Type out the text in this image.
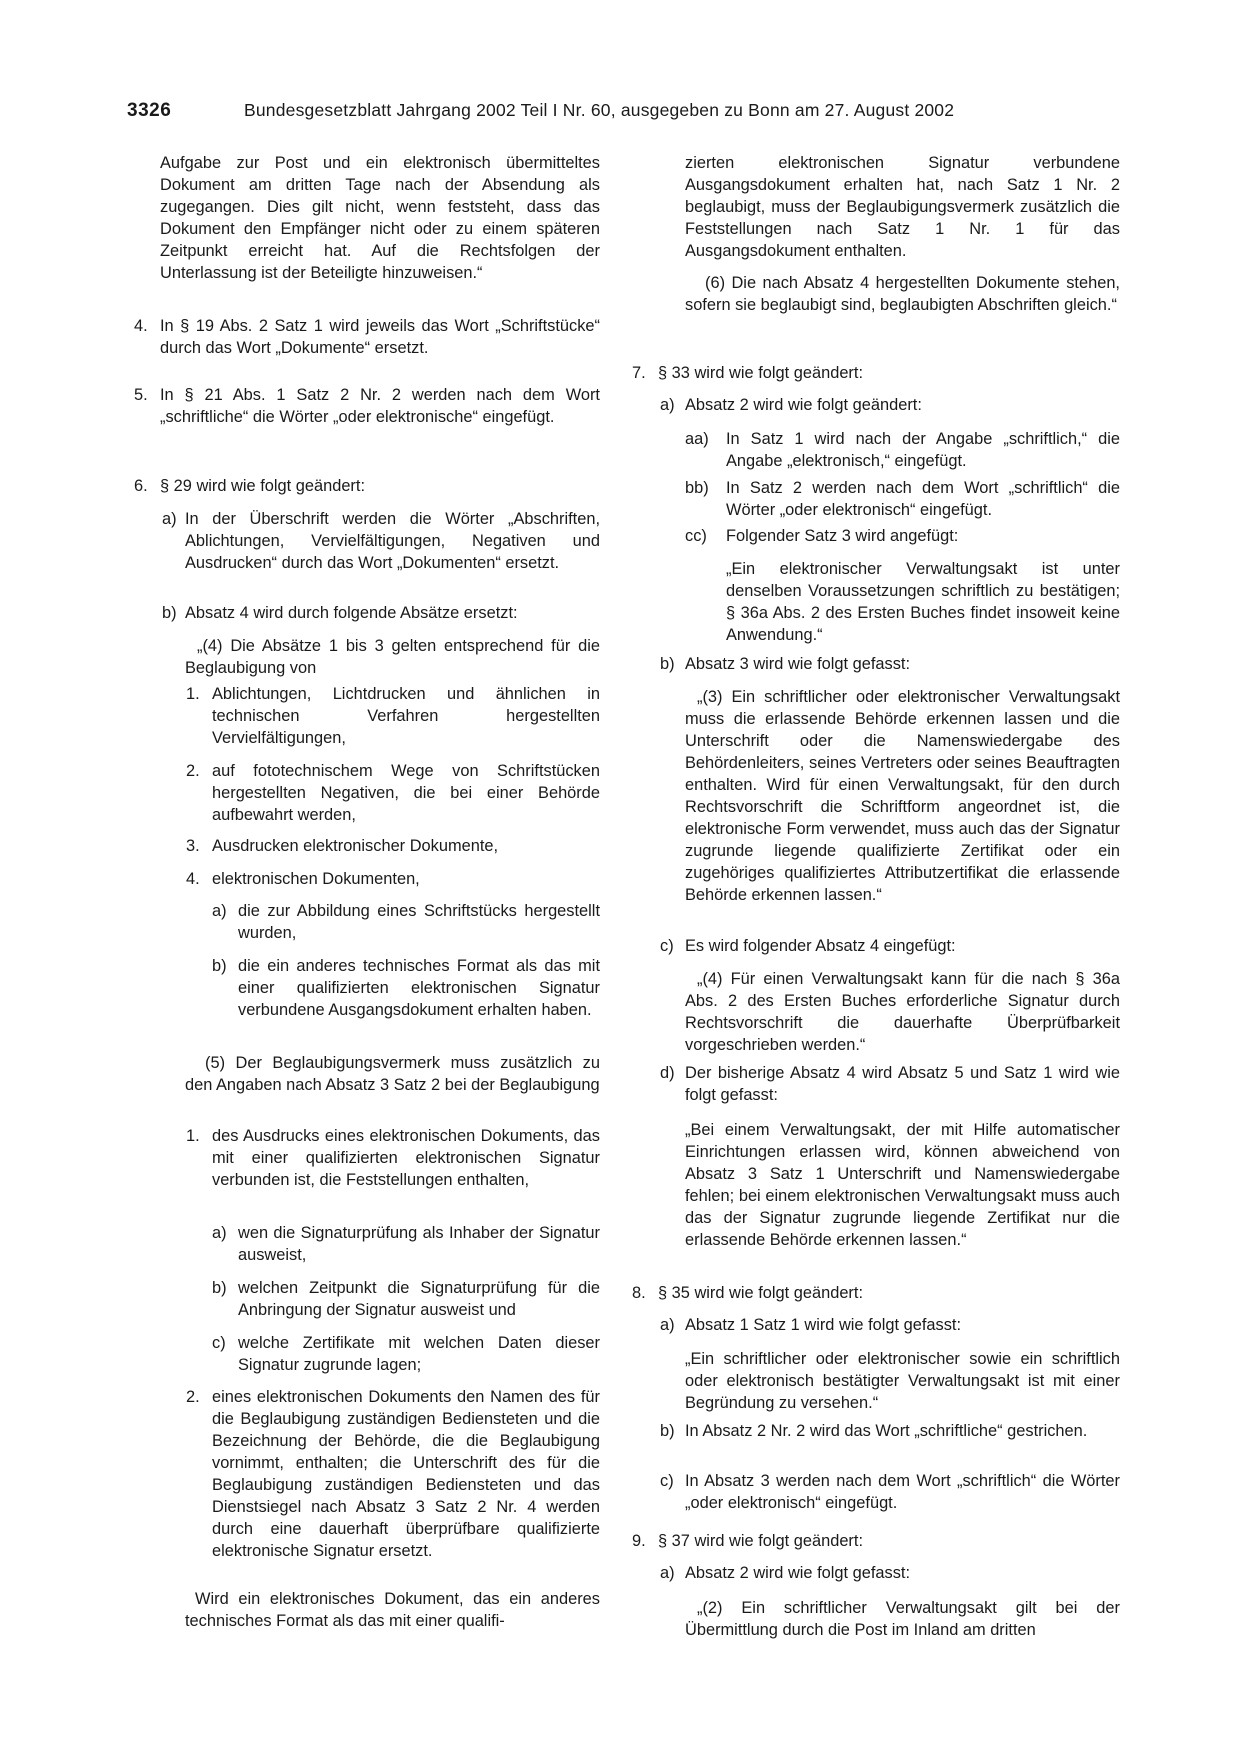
3326	Bundesgesetzblatt Jahrgang 2002 Teil I Nr. 60, ausgegeben zu Bonn am 27. August 2002
Aufgabe zur Post und ein elektronisch übermitteltes Dokument am dritten Tage nach der Absendung als zugegangen. Dies gilt nicht, wenn feststeht, dass das Dokument den Empfänger nicht oder zu einem späteren Zeitpunkt erreicht hat. Auf die Rechtsfolgen der Unterlassung ist der Beteiligte hinzuweisen.“
4. In § 19 Abs. 2 Satz 1 wird jeweils das Wort „Schriftstücke“ durch das Wort „Dokumente“ ersetzt.
5. In § 21 Abs. 1 Satz 2 Nr. 2 werden nach dem Wort „schriftliche“ die Wörter „oder elektronische“ eingefügt.
6. § 29 wird wie folgt geändert:
a) In der Überschrift werden die Wörter „Abschriften, Ablichtungen, Vervielfältigungen, Negativen und Ausdrucken“ durch das Wort „Dokumenten“ ersetzt.
b) Absatz 4 wird durch folgende Absätze ersetzt:
„(4) Die Absätze 1 bis 3 gelten entsprechend für die Beglaubigung von
1. Ablichtungen, Lichtdrucken und ähnlichen in technischen Verfahren hergestellten Vervielfältigungen,
2. auf fototechnischem Wege von Schriftstücken hergestellten Negativen, die bei einer Behörde aufbewahrt werden,
3. Ausdrucken elektronischer Dokumente,
4. elektronischen Dokumenten,
a) die zur Abbildung eines Schriftstücks hergestellt wurden,
b) die ein anderes technisches Format als das mit einer qualifizierten elektronischen Signatur verbundene Ausgangsdokument erhalten haben.
(5) Der Beglaubigungsvermerk muss zusätzlich zu den Angaben nach Absatz 3 Satz 2 bei der Beglaubigung
1. des Ausdrucks eines elektronischen Dokuments, das mit einer qualifizierten elektronischen Signatur verbunden ist, die Feststellungen enthalten,
a) wen die Signaturprüfung als Inhaber der Signatur ausweist,
b) welchen Zeitpunkt die Signaturprüfung für die Anbringung der Signatur ausweist und
c) welche Zertifikate mit welchen Daten dieser Signatur zugrunde lagen;
2. eines elektronischen Dokuments den Namen des für die Beglaubigung zuständigen Bediensteten und die Bezeichnung der Behörde, die die Beglaubigung vornimmt, enthalten; die Unterschrift des für die Beglaubigung zuständigen Bediensteten und das Dienstsiegel nach Absatz 3 Satz 2 Nr. 4 werden durch eine dauerhaft überprüfbare qualifizierte elektronische Signatur ersetzt.
Wird ein elektronisches Dokument, das ein anderes technisches Format als das mit einer qualifi-
zierten elektronischen Signatur verbundene Ausgangsdokument erhalten hat, nach Satz 1 Nr. 2 beglaubigt, muss der Beglaubigungsvermerk zusätzlich die Feststellungen nach Satz 1 Nr. 1 für das Ausgangsdokument enthalten.
(6) Die nach Absatz 4 hergestellten Dokumente stehen, sofern sie beglaubigt sind, beglaubigten Abschriften gleich.“
7. § 33 wird wie folgt geändert:
a) Absatz 2 wird wie folgt geändert:
aa) In Satz 1 wird nach der Angabe „schriftlich,“ die Angabe „elektronisch,“ eingefügt.
bb) In Satz 2 werden nach dem Wort „schriftlich“ die Wörter „oder elektronisch“ eingefügt.
cc) Folgender Satz 3 wird angefügt:
„Ein elektronischer Verwaltungsakt ist unter denselben Voraussetzungen schriftlich zu bestätigen; § 36a Abs. 2 des Ersten Buches findet insoweit keine Anwendung.“
b) Absatz 3 wird wie folgt gefasst:
„(3) Ein schriftlicher oder elektronischer Verwaltungsakt muss die erlassende Behörde erkennen lassen und die Unterschrift oder die Namenswiedergabe des Behördenleiters, seines Vertreters oder seines Beauftragten enthalten. Wird für einen Verwaltungsakt, für den durch Rechtsvorschrift die Schriftform angeordnet ist, die elektronische Form verwendet, muss auch das der Signatur zugrunde liegende qualifizierte Zertifikat oder ein zugehöriges qualifiziertes Attributzertifikat die erlassende Behörde erkennen lassen.“
c) Es wird folgender Absatz 4 eingefügt:
„(4) Für einen Verwaltungsakt kann für die nach § 36a Abs. 2 des Ersten Buches erforderliche Signatur durch Rechtsvorschrift die dauerhafte Überprüfbarkeit vorgeschrieben werden.“
d) Der bisherige Absatz 4 wird Absatz 5 und Satz 1 wird wie folgt gefasst:
„Bei einem Verwaltungsakt, der mit Hilfe automatischer Einrichtungen erlassen wird, können abweichend von Absatz 3 Satz 1 Unterschrift und Namenswiedergabe fehlen; bei einem elektronischen Verwaltungsakt muss auch das der Signatur zugrunde liegende Zertifikat nur die erlassende Behörde erkennen lassen.“
8. § 35 wird wie folgt geändert:
a) Absatz 1 Satz 1 wird wie folgt gefasst:
„Ein schriftlicher oder elektronischer sowie ein schriftlich oder elektronisch bestätigter Verwaltungsakt ist mit einer Begründung zu versehen.“
b) In Absatz 2 Nr. 2 wird das Wort „schriftliche“ gestrichen.
c) In Absatz 3 werden nach dem Wort „schriftlich“ die Wörter „oder elektronisch“ eingefügt.
9. § 37 wird wie folgt geändert:
a) Absatz 2 wird wie folgt gefasst:
„(2) Ein schriftlicher Verwaltungsakt gilt bei der Übermittlung durch die Post im Inland am dritten
